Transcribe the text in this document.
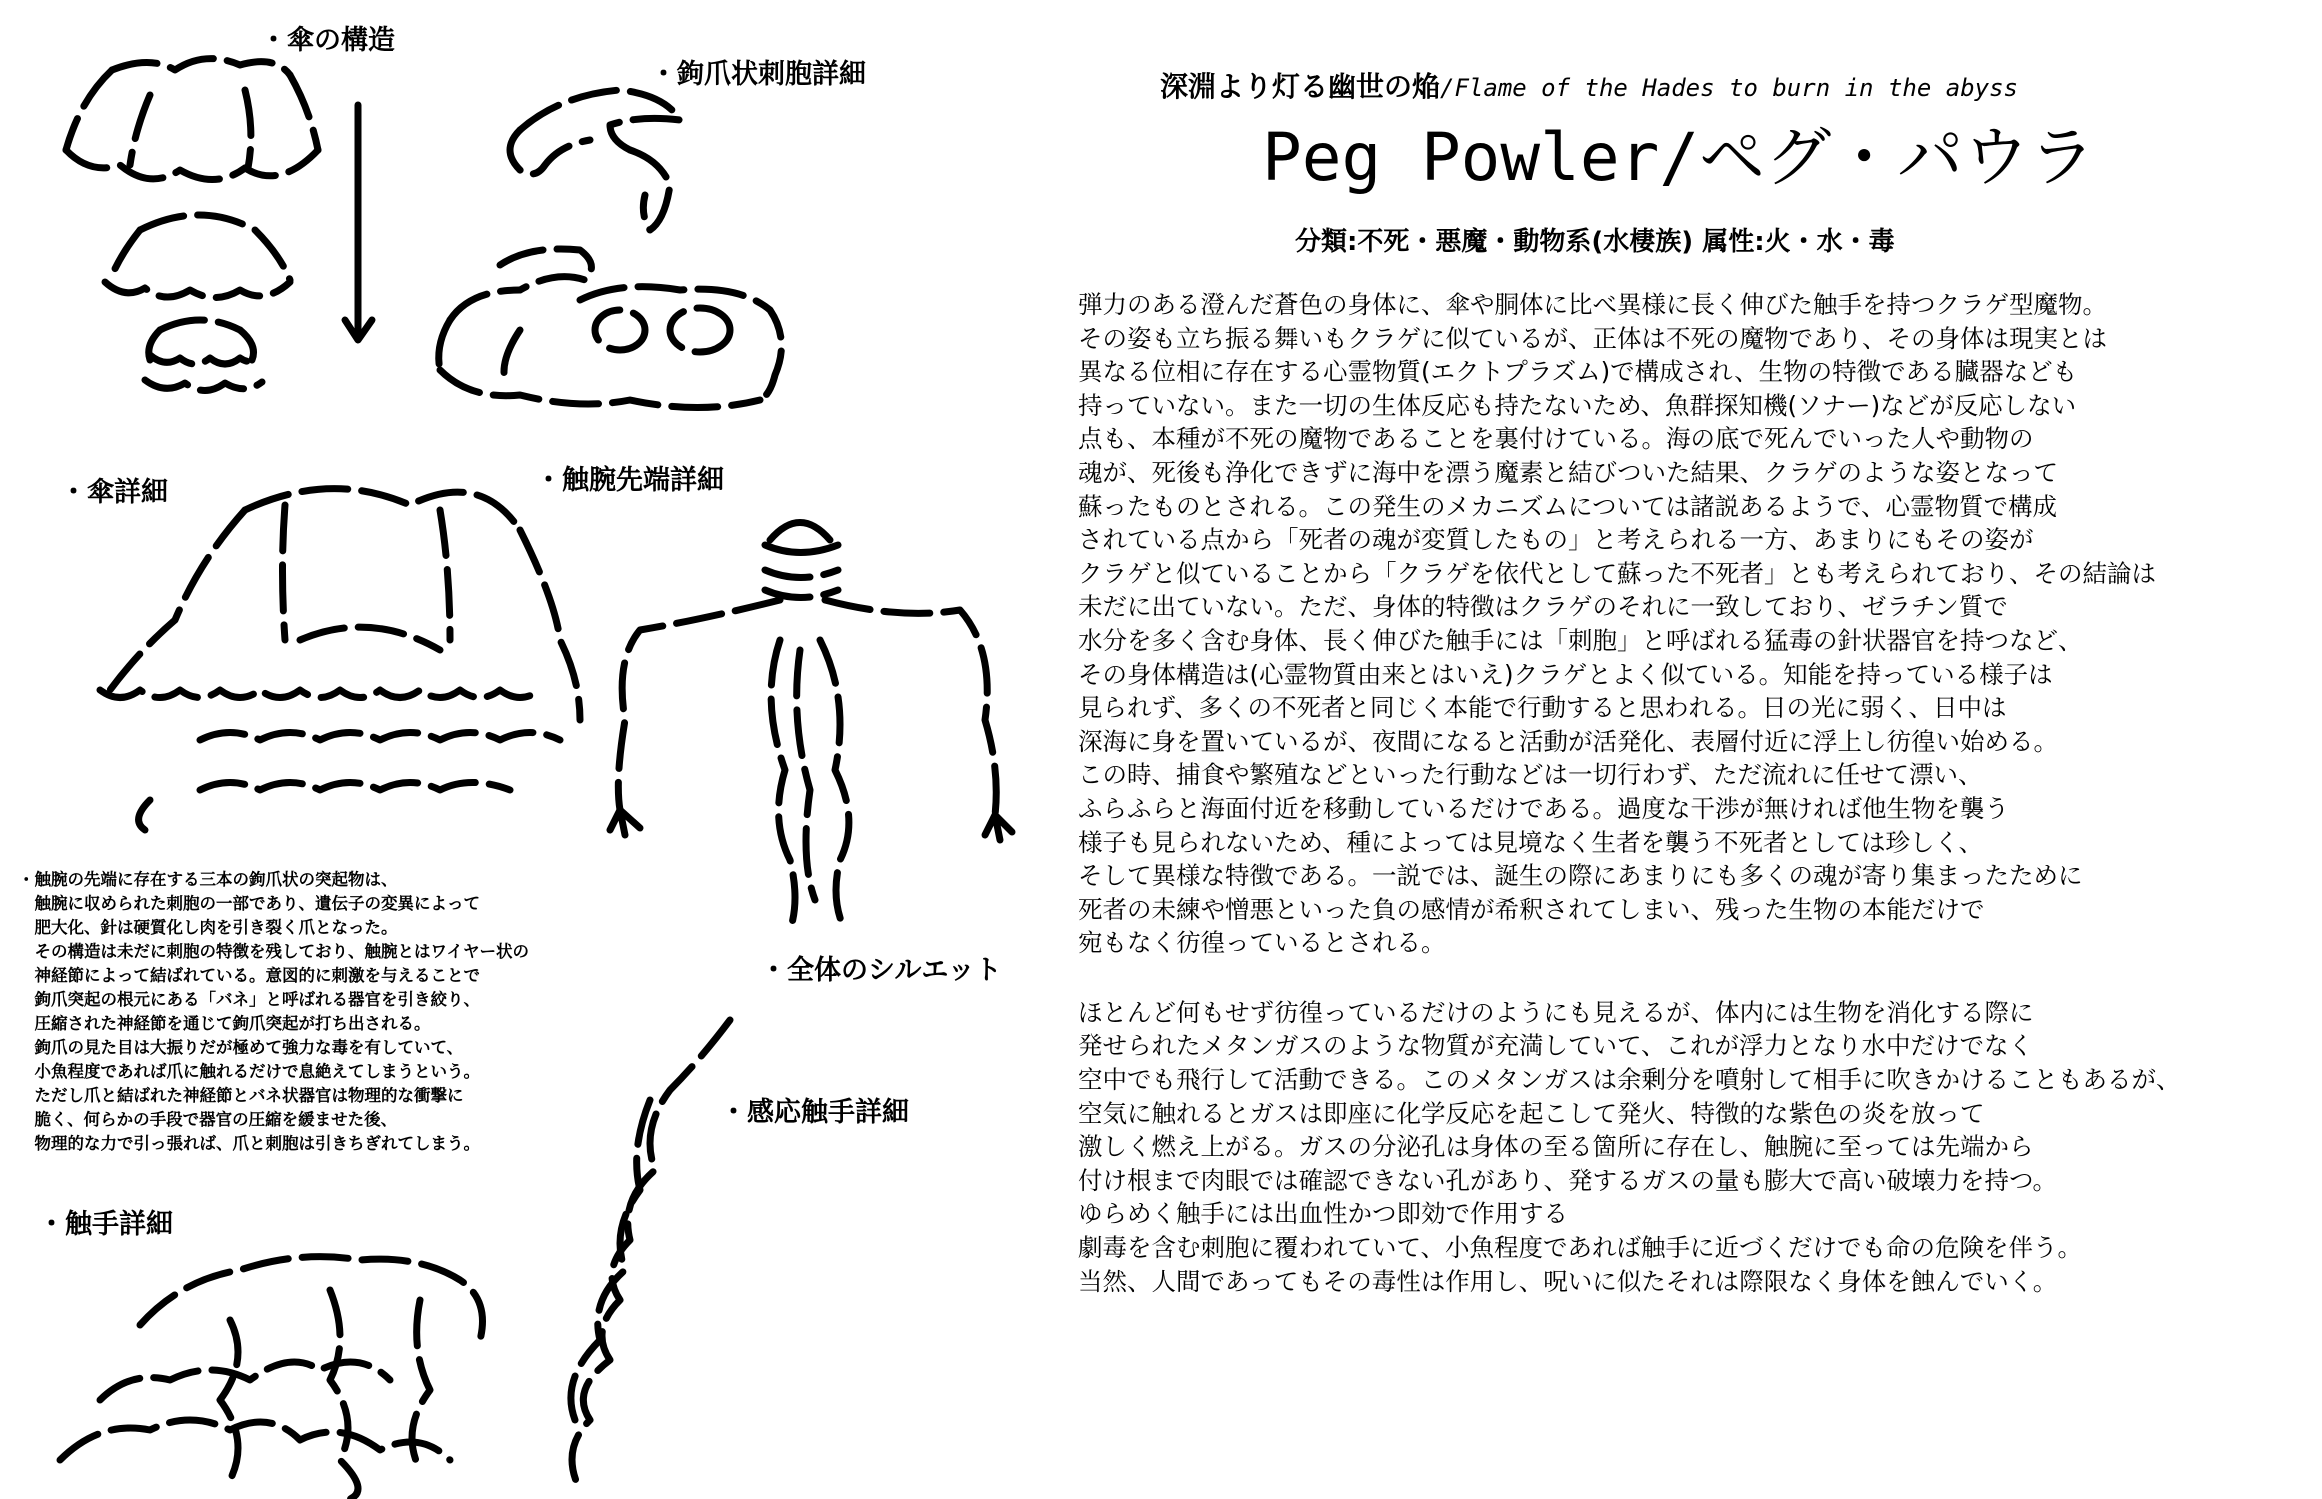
・傘の構造
・鉤爪状刺胞詳細
・傘詳細	・触腕先端詳細
・全体のシルエット
・感応触手詳細
・触手詳細
・触腕の先端に存在する三本の鉤爪状の突起物は、
　触腕に収められた刺胞の一部であり、遺伝子の変異によって
　肥大化、針は硬質化し肉を引き裂く爪となった。
　その構造は未だに刺胞の特徴を残しており、触腕とはワイヤー状の
　神経節によって結ばれている。意図的に刺激を与えることで
　鉤爪突起の根元にある「バネ」と呼ばれる器官を引き絞り、
　圧縮された神経節を通じて鉤爪突起が打ち出される。
　鉤爪の見た目は大振りだが極めて強力な毒を有していて、
　小魚程度であれば爪に触れるだけで息絶えてしまうという。
　ただし爪と結ばれた神経節とバネ状器官は物理的な衝撃に
　脆く、何らかの手段で器官の圧縮を緩ませた後、
　物理的な力で引っ張れば、爪と刺胞は引きちぎれてしまう。
深淵より灯る幽世の焔/Flame of the Hades to burn in the abyss
Peg Powler/ペグ・パウラ
分類:不死・悪魔・動物系(水棲族) 属性:火・水・毒
弾力のある澄んだ蒼色の身体に、傘や胴体に比べ異様に長く伸びた触手を持つクラゲ型魔物。
その姿も立ち振る舞いもクラゲに似ているが、正体は不死の魔物であり、その身体は現実とは
異なる位相に存在する心霊物質(エクトプラズム)で構成され、生物の特徴である臓器なども
持っていない。また一切の生体反応も持たないため、魚群探知機(ソナー)などが反応しない
点も、本種が不死の魔物であることを裏付けている。海の底で死んでいった人や動物の
魂が、死後も浄化できずに海中を漂う魔素と結びついた結果、クラゲのような姿となって
蘇ったものとされる。この発生のメカニズムについては諸説あるようで、心霊物質で構成
されている点から「死者の魂が変質したもの」と考えられる一方、あまりにもその姿が
クラゲと似ていることから「クラゲを依代として蘇った不死者」とも考えられており、その結論は
未だに出ていない。ただ、身体的特徴はクラゲのそれに一致しており、ゼラチン質で
水分を多く含む身体、長く伸びた触手には「刺胞」と呼ばれる猛毒の針状器官を持つなど、
その身体構造は(心霊物質由来とはいえ)クラゲとよく似ている。知能を持っている様子は
見られず、多くの不死者と同じく本能で行動すると思われる。日の光に弱く、日中は
深海に身を置いているが、夜間になると活動が活発化、表層付近に浮上し彷徨い始める。
この時、捕食や繁殖などといった行動などは一切行わず、ただ流れに任せて漂い、
ふらふらと海面付近を移動しているだけである。過度な干渉が無ければ他生物を襲う
様子も見られないため、種によっては見境なく生者を襲う不死者としては珍しく、
そして異様な特徴である。一説では、誕生の際にあまりにも多くの魂が寄り集まったために
死者の未練や憎悪といった負の感情が希釈されてしまい、残った生物の本能だけで
宛もなく彷徨っているとされる。
ほとんど何もせず彷徨っているだけのようにも見えるが、体内には生物を消化する際に
発せられたメタンガスのような物質が充満していて、これが浮力となり水中だけでなく
空中でも飛行して活動できる。このメタンガスは余剰分を噴射して相手に吹きかけることもあるが、
空気に触れるとガスは即座に化学反応を起こして発火、特徴的な紫色の炎を放って
激しく燃え上がる。ガスの分泌孔は身体の至る箇所に存在し、触腕に至っては先端から
付け根まで肉眼では確認できない孔があり、発するガスの量も膨大で高い破壊力を持つ。
ゆらめく触手には出血性かつ即効で作用する
劇毒を含む刺胞に覆われていて、小魚程度であれば触手に近づくだけでも命の危険を伴う。
当然、人間であってもその毒性は作用し、呪いに似たそれは際限なく身体を蝕んでいく。
